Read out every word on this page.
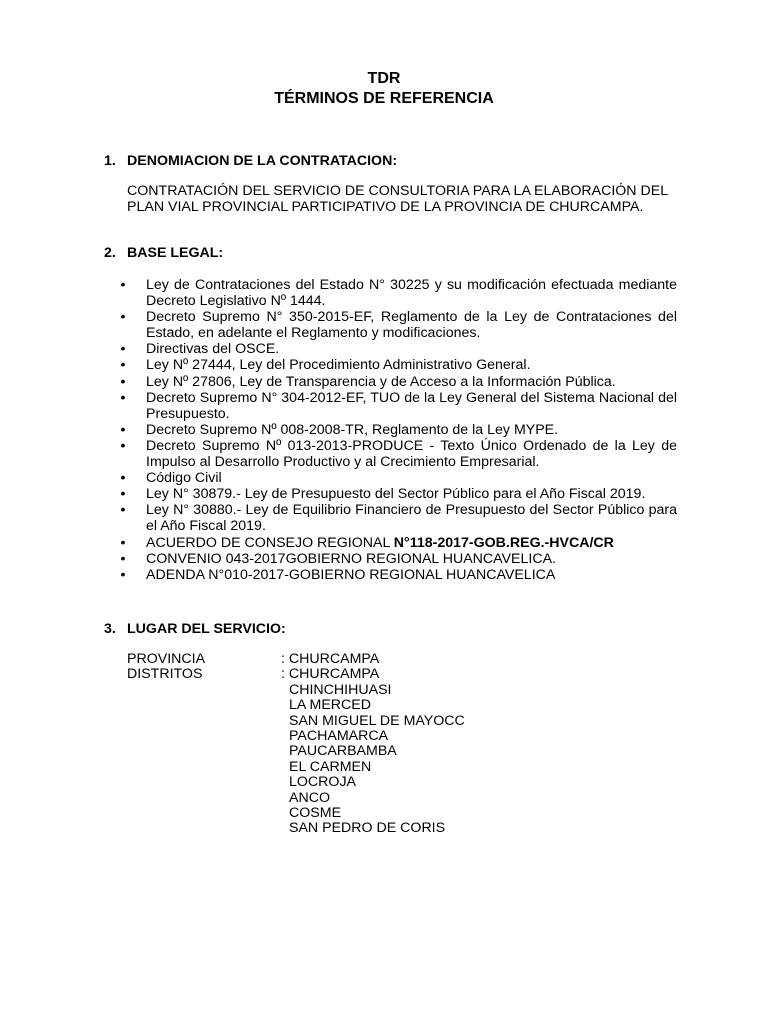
TDR
TÉRMINOS DE REFERENCIA
1. DENOMIACION DE LA CONTRATACION:
CONTRATACIÓN DEL SERVICIO DE CONSULTORIA PARA LA ELABORACIÓN DEL
PLAN VIAL PROVINCIAL PARTICIPATIVO DE LA PROVINCIA DE CHURCAMPA.
2. BASE LEGAL:
• Ley de Contrataciones del Estado N° 30225 y su modificación efectuada mediante Decreto Legislativo Nº 1444.
• Decreto Supremo N° 350-2015-EF, Reglamento de la Ley de Contrataciones del Estado, en adelante el Reglamento y modificaciones.
• Directivas del OSCE.
• Ley Nº 27444, Ley del Procedimiento Administrativo General.
• Ley Nº 27806, Ley de Transparencia y de Acceso a la Información Pública.
• Decreto Supremo N° 304-2012-EF, TUO de la Ley General del Sistema Nacional del Presupuesto.
• Decreto Supremo Nº 008-2008-TR, Reglamento de la Ley MYPE.
• Decreto Supremo Nº 013-2013-PRODUCE - Texto Único Ordenado de la Ley de Impulso al Desarrollo Productivo y al Crecimiento Empresarial.
• Código Civil
• Ley N° 30879.- Ley de Presupuesto del Sector Público para el Año Fiscal 2019.
• Ley N° 30880.- Ley de Equilibrio Financiero de Presupuesto del Sector Público para el Año Fiscal 2019.
• ACUERDO DE CONSEJO REGIONAL N°118-2017-GOB.REG.-HVCA/CR
• CONVENIO 043-2017GOBIERNO REGIONAL HUANCAVELICA.
• ADENDA N°010-2017-GOBIERNO REGIONAL HUANCAVELICA
3. LUGAR DEL SERVICIO:
PROVINCIA	: CHURCAMPA
DISTRITOS	: CHURCAMPA
CHINCHIHUASI
LA MERCED
SAN MIGUEL DE MAYOCC
PACHAMARCA
PAUCARBAMBA
EL CARMEN
LOCROJA
ANCO
COSME
SAN PEDRO DE CORIS
